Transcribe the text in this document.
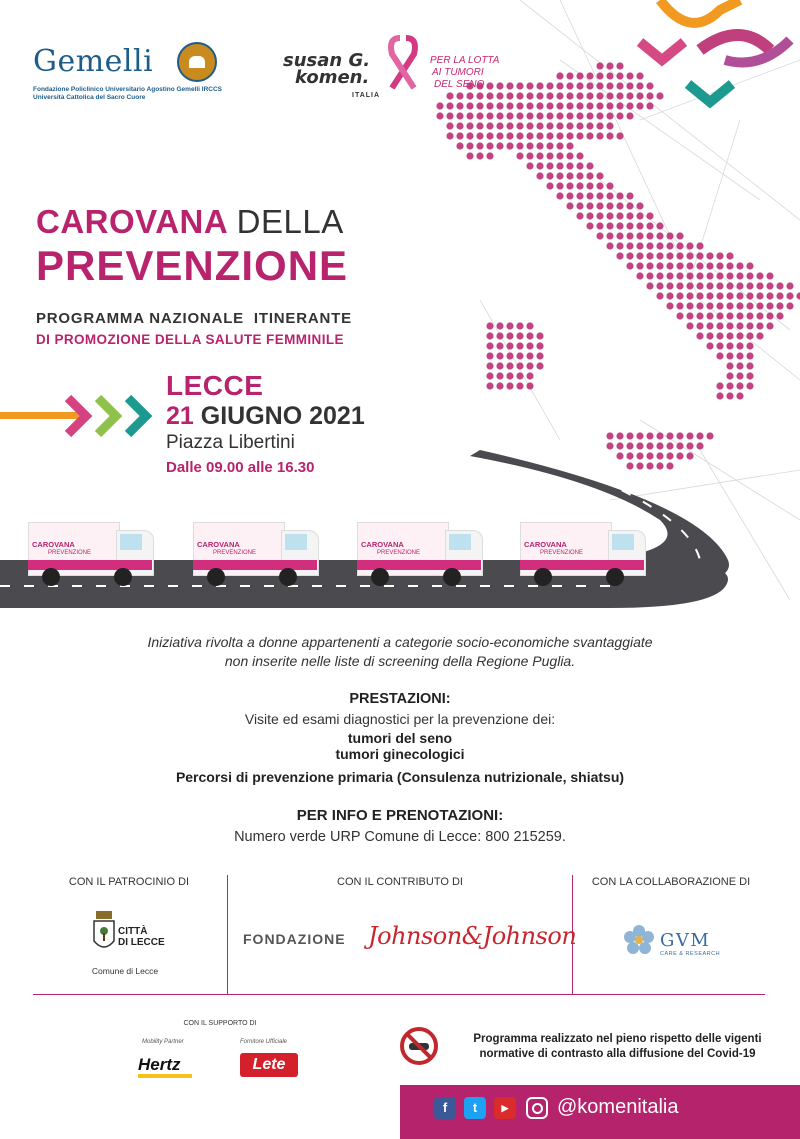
Gemelli
Fondazione Policlinico Universitario Agostino Gemelli IRCCS
Università Cattolica del Sacro Cuore
susan G.
komen.
ITALIA
PER LA LOTTA
AI TUMORI
DEL SENO
CAROVANA DELLA
PREVENZIONE
PROGRAMMA NAZIONALE  ITINERANTE
DI PROMOZIONE DELLA SALUTE FEMMINILE
LECCE
21 GIUGNO 2021
Piazza Libertini
Dalle 09.00 alle 16.30
CAROVANA
PREVENZIONE
CAROVANA
PREVENZIONE
CAROVANA
PREVENZIONE
CAROVANA
PREVENZIONE
Iniziativa rivolta a donne appartenenti a categorie socio-economiche svantaggiate
non inserite nelle liste di screening della Regione Puglia.
PRESTAZIONI:
Visite ed esami diagnostici per la prevenzione dei:
tumori del seno
tumori ginecologici
Percorsi di prevenzione primaria (Consulenza nutrizionale, shiatsu)
PER INFO E PRENOTAZIONI:
Numero verde URP Comune di Lecce: 800 215259.
CON IL PATROCINIO DI	CON IL CONTRIBUTO DI	CON LA COLLABORAZIONE DI
CITTÀ
DI LECCE
Comune di Lecce
FONDAZIONE Johnson&Johnson	GVM
CARE & RESEARCH
CON IL SUPPORTO DI
Mobility Partner	Fornitore Ufficiale
Hertz	Lete
Programma realizzato nel pieno rispetto delle vigenti
normative di contrasto alla diffusione del Covid-19
f	t	▶	@komenitalia
